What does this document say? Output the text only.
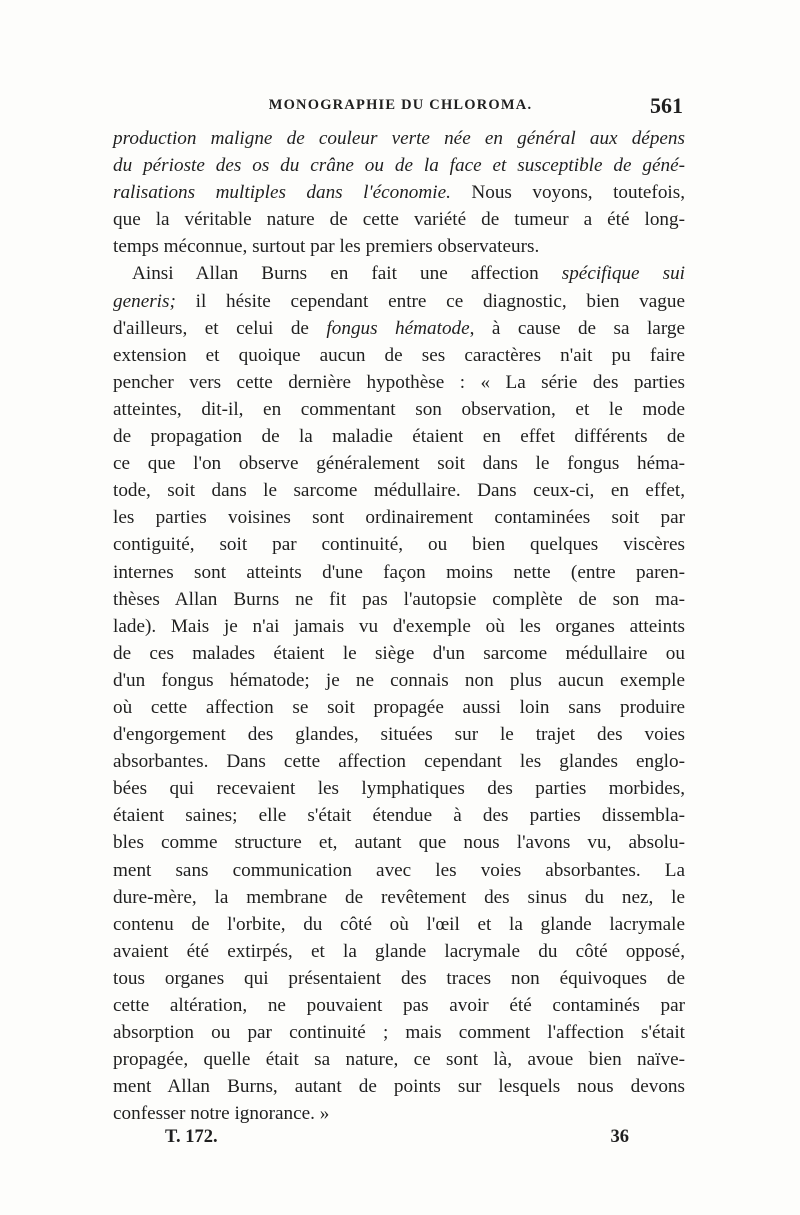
MONOGRAPHIE DU CHLOROMA.	561
production maligne de couleur verte née en général aux dépens
du périoste des os du crâne ou de la face et susceptible de géné-
ralisations multiples dans l'économie. Nous voyons, toutefois,
que la véritable nature de cette variété de tumeur a été long-
temps méconnue, surtout par les premiers observateurs.
Ainsi Allan Burns en fait une affection spécifique sui
generis; il hésite cependant entre ce diagnostic, bien vague
d'ailleurs, et celui de fongus hématode, à cause de sa large
extension et quoique aucun de ses caractères n'ait pu faire
pencher vers cette dernière hypothèse : « La série des parties
atteintes, dit-il, en commentant son observation, et le mode
de propagation de la maladie étaient en effet différents de
ce que l'on observe généralement soit dans le fongus héma-
tode, soit dans le sarcome médullaire. Dans ceux-ci, en effet,
les parties voisines sont ordinairement contaminées soit par
contiguité, soit par continuité, ou bien quelques viscères
internes sont atteints d'une façon moins nette (entre paren-
thèses Allan Burns ne fit pas l'autopsie complète de son ma-
lade). Mais je n'ai jamais vu d'exemple où les organes atteints
de ces malades étaient le siège d'un sarcome médullaire ou
d'un fongus hématode; je ne connais non plus aucun exemple
où cette affection se soit propagée aussi loin sans produire
d'engorgement des glandes, situées sur le trajet des voies
absorbantes. Dans cette affection cependant les glandes englo-
bées qui recevaient les lymphatiques des parties morbides,
étaient saines; elle s'était étendue à des parties dissembla-
bles comme structure et, autant que nous l'avons vu, absolu-
ment sans communication avec les voies absorbantes. La
dure-mère, la membrane de revêtement des sinus du nez, le
contenu de l'orbite, du côté où l'œil et la glande lacrymale
avaient été extirpés, et la glande lacrymale du côté opposé,
tous organes qui présentaient des traces non équivoques de
cette altération, ne pouvaient pas avoir été contaminés par
absorption ou par continuité ; mais comment l'affection s'était
propagée, quelle était sa nature, ce sont là, avoue bien naïve-
ment Allan Burns, autant de points sur lesquels nous devons
confesser notre ignorance. »
T. 172.	36
